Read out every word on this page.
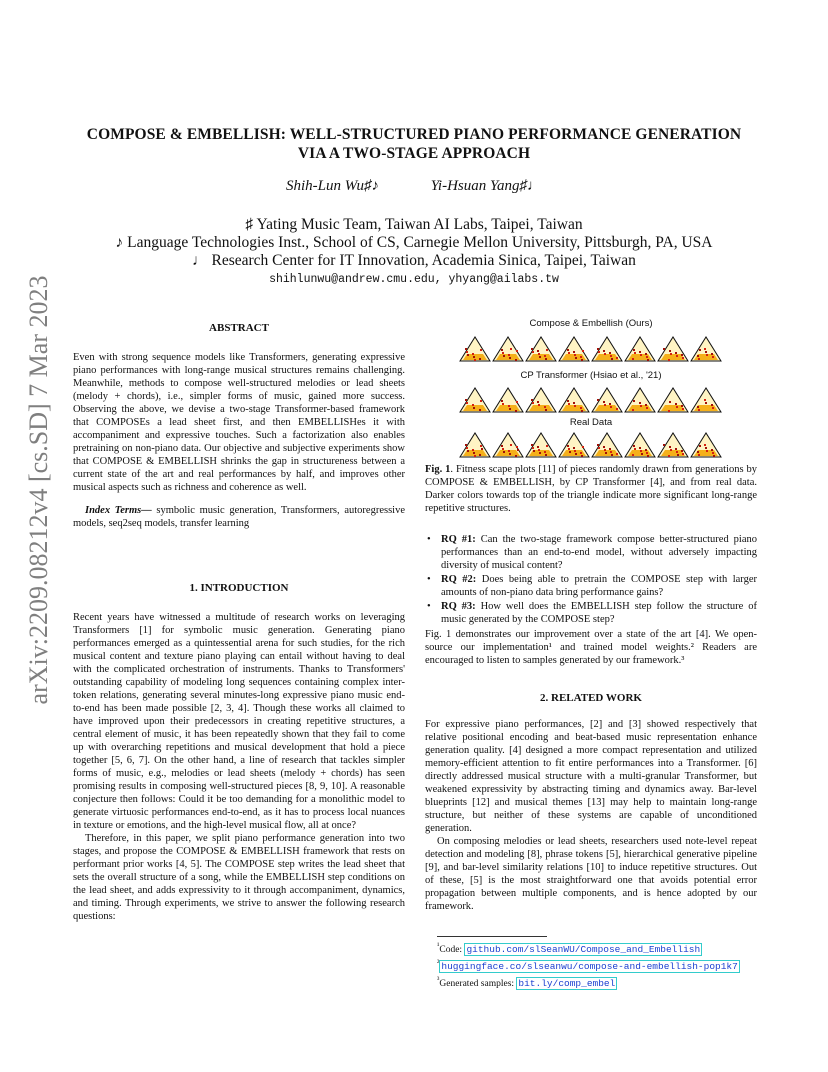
COMPOSE & EMBELLISH: WELL-STRUCTURED PIANO PERFORMANCE GENERATION
VIA A TWO-STAGE APPROACH
Shih-Lun Wu♯♪	Yi-Hsuan Yang♯♩
♯ Yating Music Team, Taiwan AI Labs, Taipei, Taiwan
♪ Language Technologies Inst., School of CS, Carnegie Mellon University, Pittsburgh, PA, USA
♩ Research Center for IT Innovation, Academia Sinica, Taipei, Taiwan
shihlunwu@andrew.cmu.edu, yhyang@ailabs.tw
arXiv:2209.08212v4 [cs.SD] 7 Mar 2023	ABSTRACT

Even with strong sequence models like Transformers, generating expressive piano performances with long-range musical structures remains challenging. Meanwhile, methods to compose well-structured melodies or lead sheets (melody + chords), i.e., simpler forms of music, gained more success. Observing the above, we devise a two-stage Transformer-based framework that COMPOSEs a lead sheet first, and then EMBELLISHes it with accompaniment and expressive touches. Such a factorization also enables pretraining on non-piano data. Our objective and subjective experiments show that COMPOSE & EMBELLISH shrinks the gap in structureness between a current state of the art and real performances by half, and improves other musical aspects such as richness and coherence as well.

Index Terms— symbolic music generation, Transformers, autoregressive models, seq2seq models, transfer learning

1. INTRODUCTION

Recent years have witnessed a multitude of research works on leveraging Transformers [1] for symbolic music generation. Generating piano performances emerged as a quintessential arena for such studies, for the rich musical content and texture piano playing can entail without having to deal with the complicated orchestration of instruments. Thanks to Transformers' outstanding capability of modeling long sequences containing complex inter-token relations, generating several minutes-long expressive piano music end-to-end has been made possible [2, 3, 4]. Though these works all claimed to have improved upon their predecessors in creating repetitive structures, a central element of music, it has been repeatedly shown that they fail to come up with overarching repetitions and musical development that hold a piece together [5, 6, 7]. On the other hand, a line of research that tackles simpler forms of music, e.g., melodies or lead sheets (melody + chords) has seen promising results in composing well-structured pieces [8, 9, 10]. A reasonable conjecture then follows: Could it be too demanding for a monolithic model to generate virtuosic performances end-to-end, as it has to process local nuances in texture or emotions, and the high-level musical flow, all at once?

Therefore, in this paper, we split piano performance generation into two stages, and propose the COMPOSE & EMBELLISH framework that rests on performant prior works [4, 5]. The COMPOSE step writes the lead sheet that sets the overall structure of a song, while the EMBELLISH step conditions on the lead sheet, and adds expressivity to it through accompaniment, dynamics, and timing. Through experiments, we strive to answer the following research questions:

Compose & Embellish (Ours)
CP Transformer (Hsiao et al., '21)
Real Data
Fig. 1. Fitness scape plots [11] of pieces randomly drawn from generations by COMPOSE & EMBELLISH, by CP Transformer [4], and from real data. Darker colors towards top of the triangle indicate more significant long-range repetitive structures.
• RQ #1: Can the two-stage framework compose better-structured piano performances than an end-to-end model, without adversely impacting diversity of musical content?
• RQ #2: Does being able to pretrain the COMPOSE step with larger amounts of non-piano data bring performance gains?
• RQ #3: How well does the EMBELLISH step follow the structure of music generated by the COMPOSE step?

Fig. 1 demonstrates our improvement over a state of the art [4]. We open-source our implementation¹ and trained model weights.² Readers are encouraged to listen to samples generated by our framework.³

2. RELATED WORK

For expressive piano performances, [2] and [3] showed respectively that relative positional encoding and beat-based music representation enhance generation quality. [4] designed a more compact representation and utilized memory-efficient attention to fit entire performances into a Transformer. [6] directly addressed musical structure with a multi-granular Transformer, but weakened expressivity by abstracting timing and dynamics away. Bar-level blueprints [12] and musical themes [13] may help to maintain long-range structure, but neither of these systems are capable of unconditioned generation.

On composing melodies or lead sheets, researchers used note-level repeat detection and modeling [8], phrase tokens [5], hierarchical generative pipeline [9], and bar-level similarity relations [10] to induce repetitive structures. Out of these, [5] is the most straightforward one that avoids potential error propagation between multiple components, and is hence adopted by our framework.

$^{^1}$Code: github.com/slSeanWU/Compose_and_Embellish
$^{^2}$ huggingface.co/slseanwu/compose-and-embellish-pop1k7
$^{^3}$Generated samples: bit.ly/comp_embel
